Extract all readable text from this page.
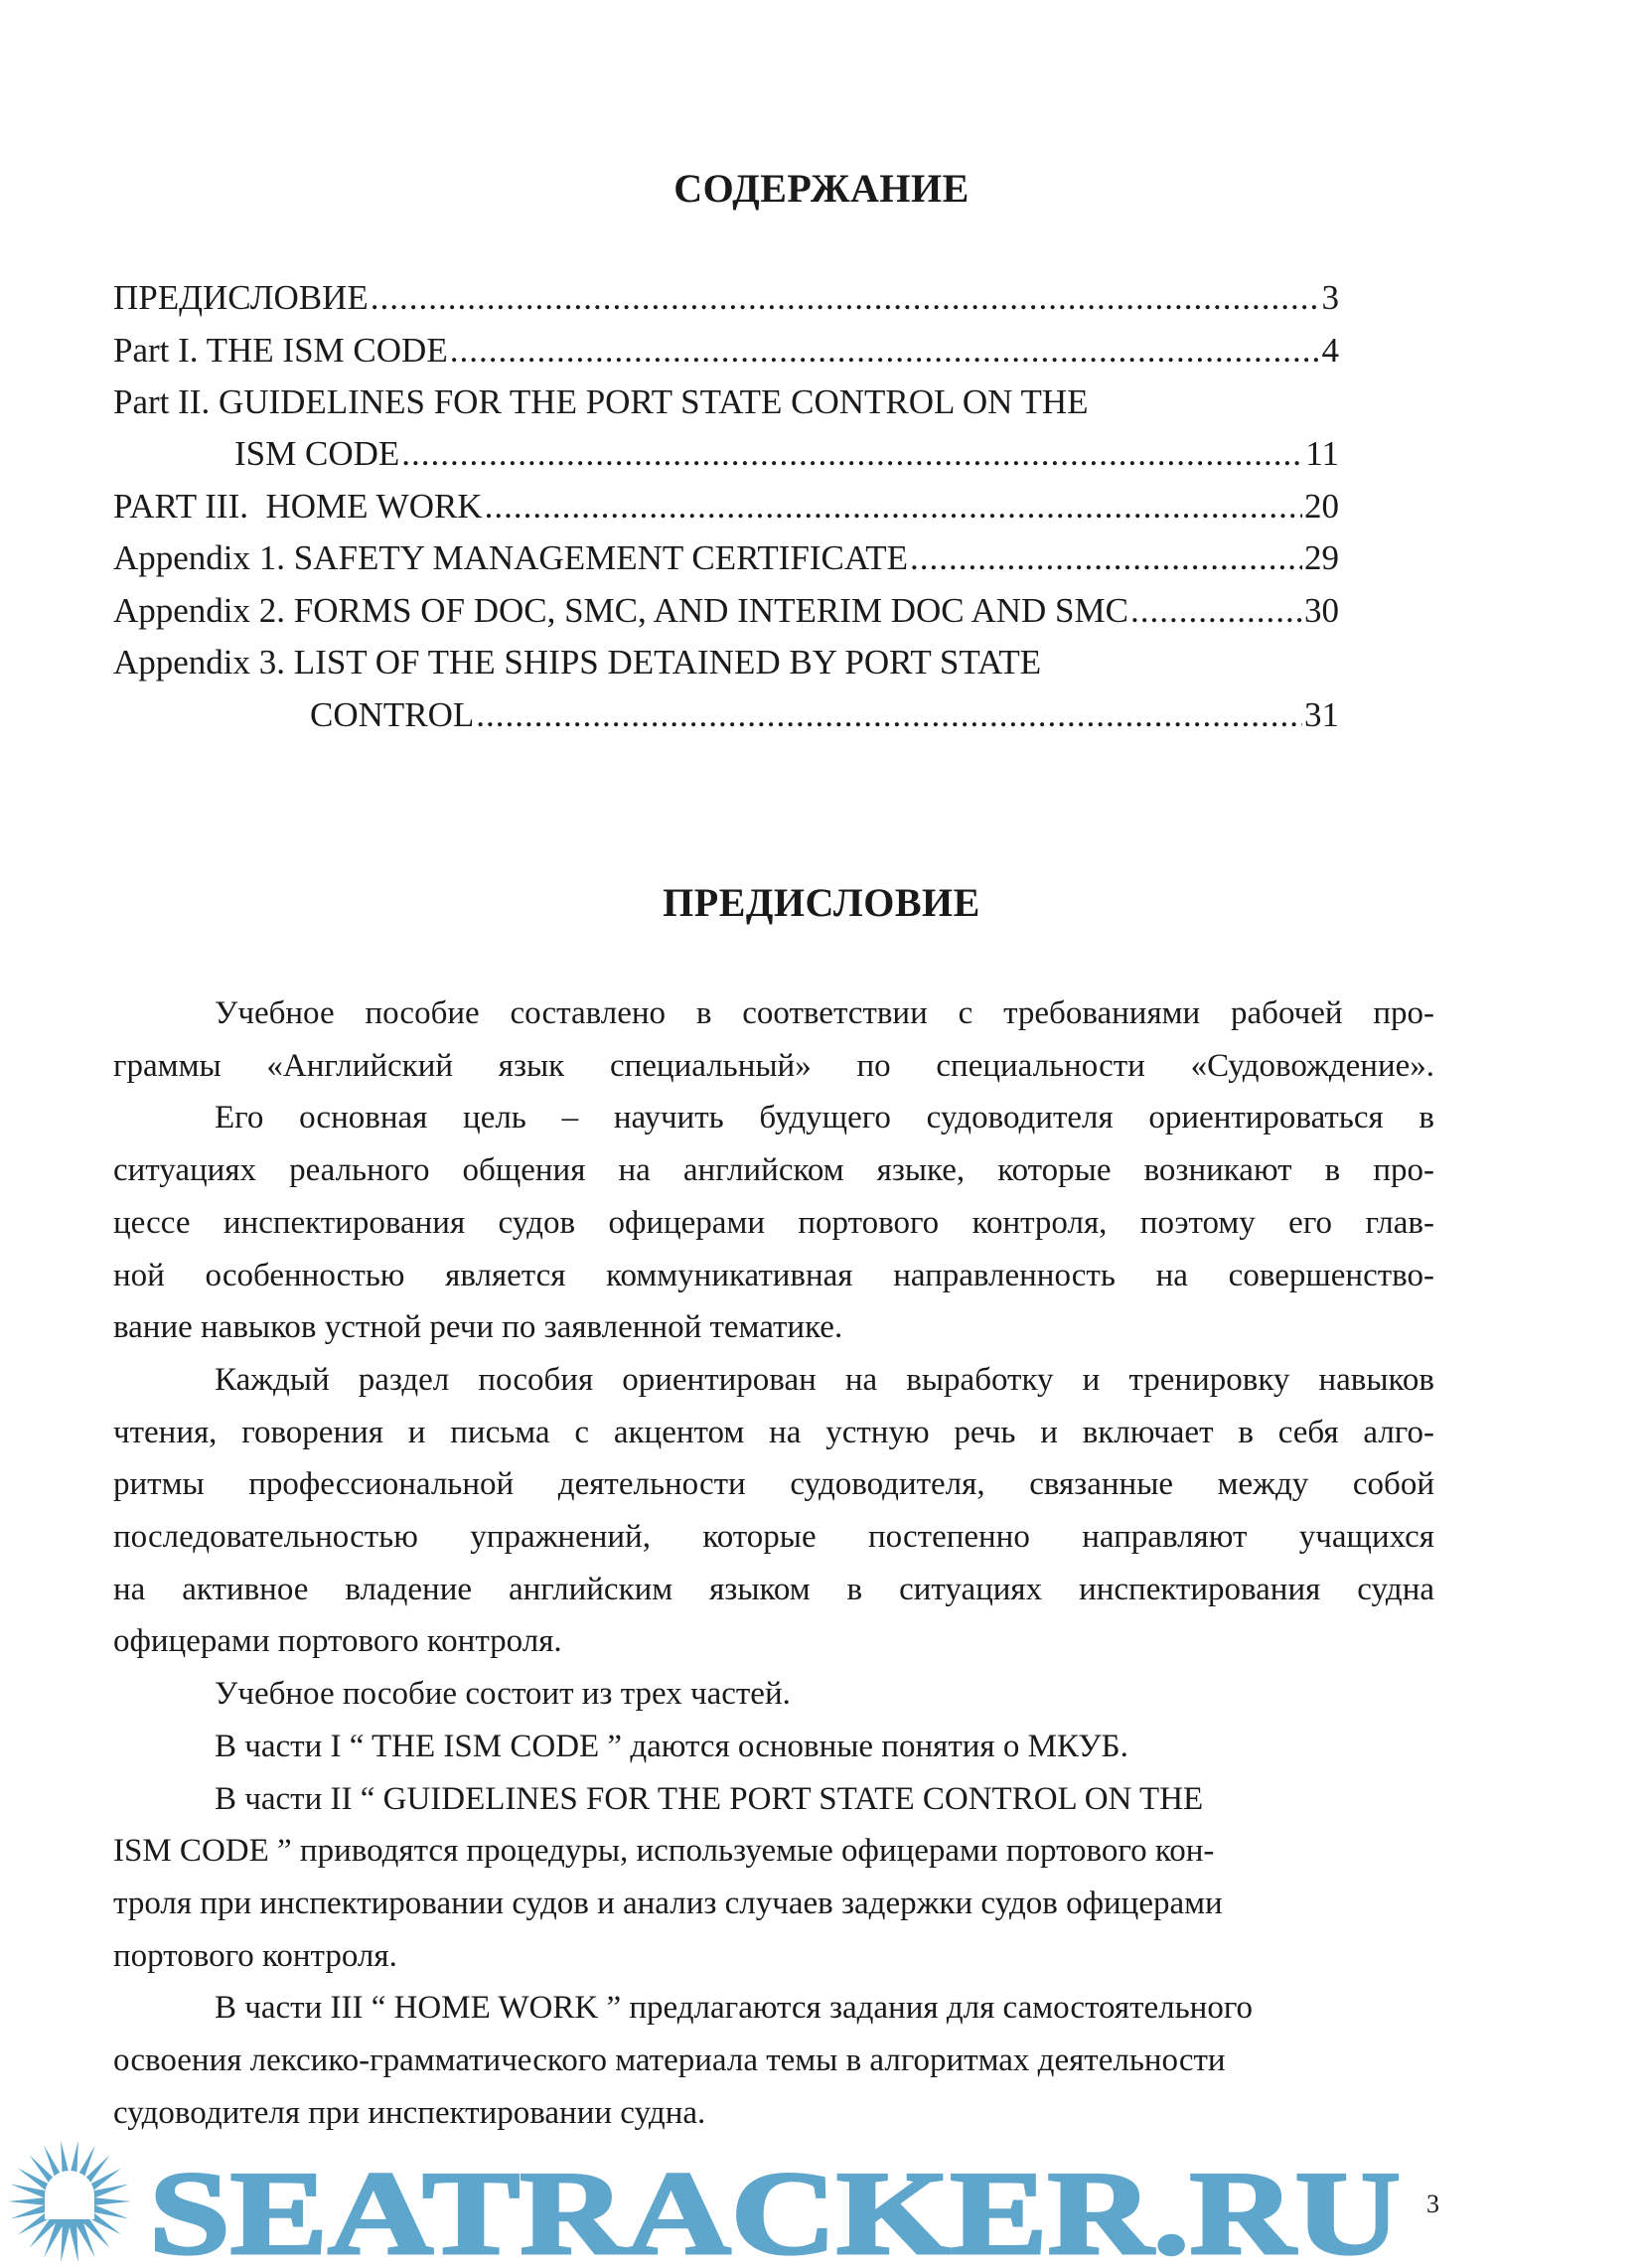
СОДЕРЖАНИЕ
ПРЕДИСЛОВИЕ .....	3
Part I. THE ISM CODE .....	4
Part II. GUIDELINES FOR THE PORT STATE CONTROL ON THE
ISM CODE .....	11
PART III.  HOME WORK .....	20
Appendix 1. SAFETY MANAGEMENT CERTIFICATE .....	29
Appendix 2. FORMS OF DOC, SMC, AND INTERIM DOC AND SMC .....	30
Appendix 3. LIST OF THE SHIPS DETAINED BY PORT STATE
CONTROL .....	31
ПРЕДИСЛОВИЕ
Учебное пособие составлено в соответствии с требованиями рабочей про-
граммы «Английский язык специальный» по специальности «Судовождение».
Его основная цель – научить будущего судоводителя ориентироваться в
ситуациях реального общения на английском языке, которые возникают в про-
цессе инспектирования судов офицерами портового контроля, поэтому его глав-
ной особенностью является коммуникативная направленность на совершенство-
вание навыков устной речи по заявленной тематике.
Каждый раздел пособия ориентирован на выработку и тренировку навыков
чтения, говорения и письма с акцентом на устную речь и включает в себя алго-
ритмы профессиональной деятельности судоводителя, связанные между собой
последовательностью упражнений, которые постепенно направляют учащихся
на активное владение английским языком в ситуациях инспектирования судна
офицерами портового контроля.
Учебное пособие состоит из трех частей.
В части I “ THE ISM CODE ” даются основные понятия о МКУБ.
В части II “ GUIDELINES FOR THE PORT STATE CONTROL ON THE
ISM CODE ” приводятся процедуры, используемые офицерами портового кон-
троля при инспектировании судов и анализ случаев задержки судов офицерами
портового контроля.
В части III “ HOME WORK ” предлагаются задания для самостоятельного
освоения лексико-грамматического материала темы в алгоритмах деятельности
судоводителя при инспектировании судна.
3
SEATRACKER.RU
